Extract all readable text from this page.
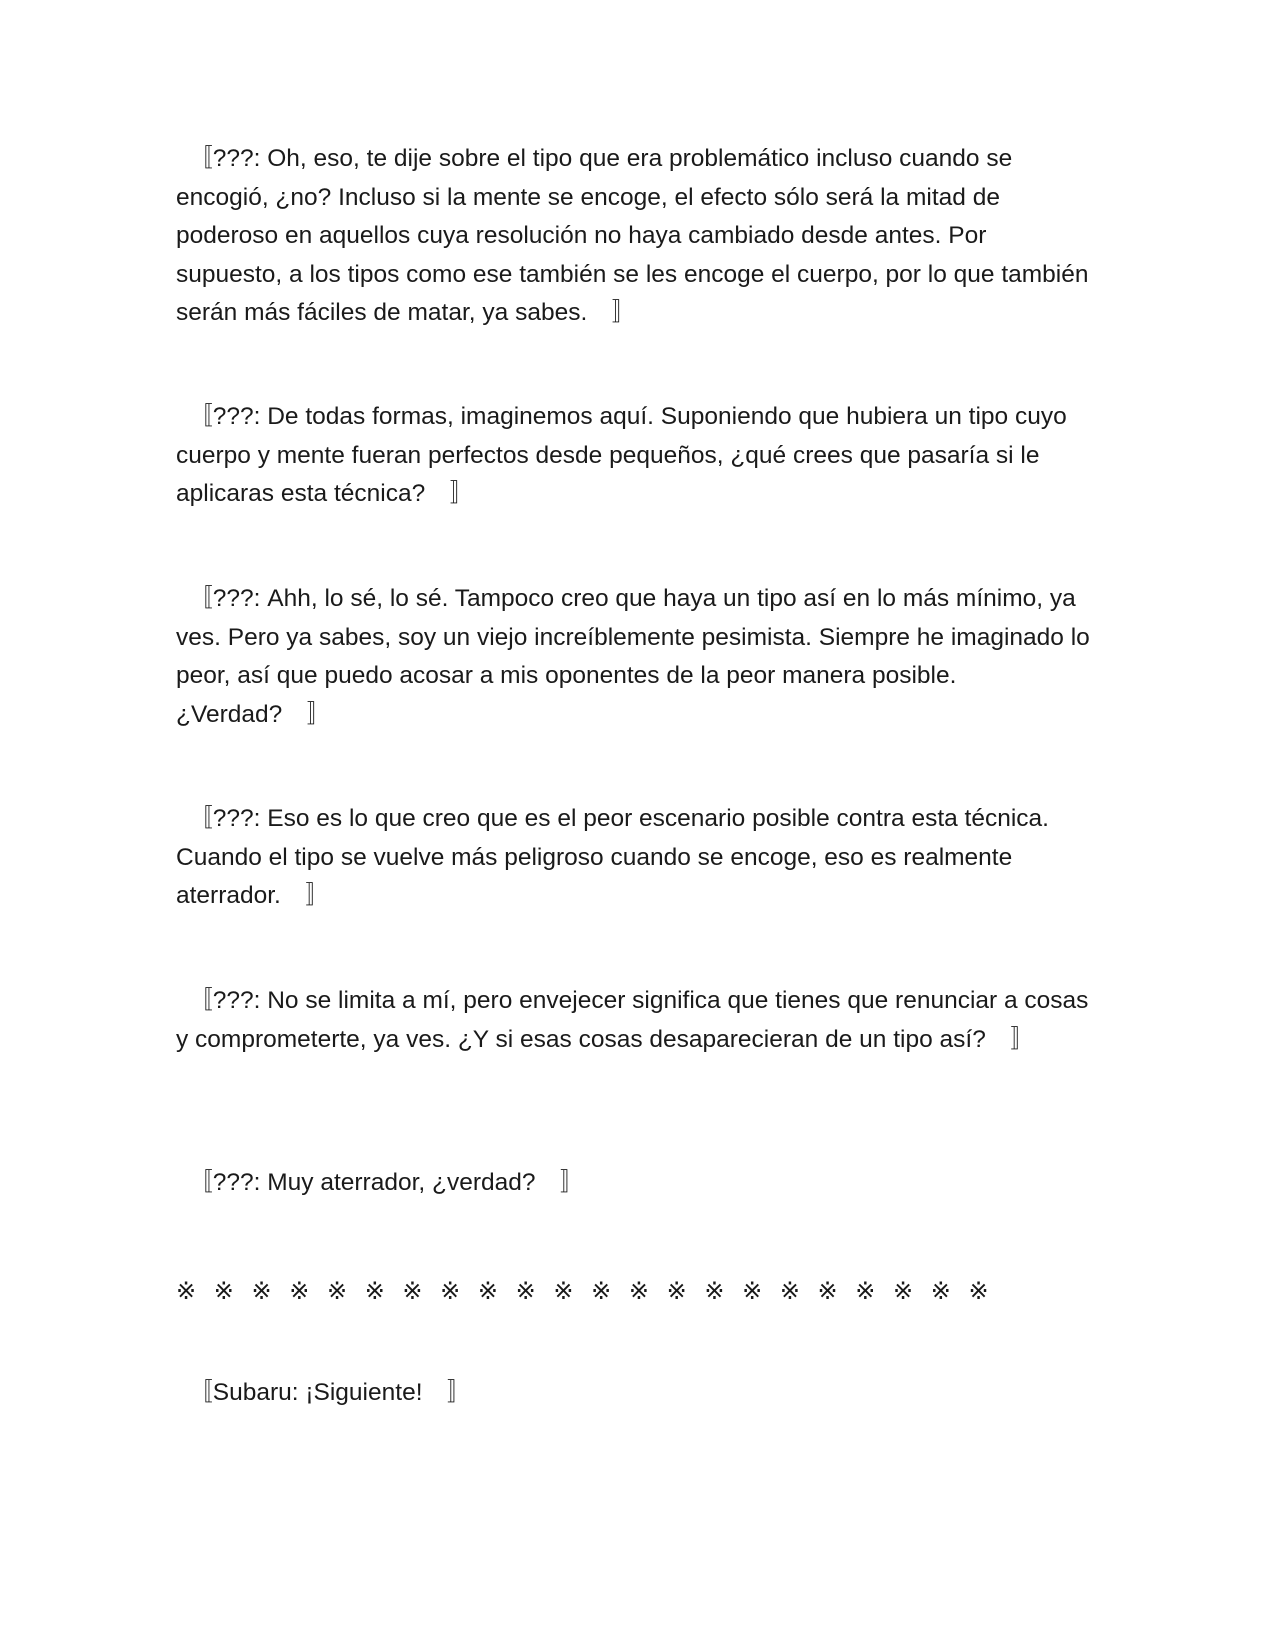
　〚???: Oh, eso, te dije sobre el tipo que era problemático incluso cuando se encogió, ¿no? Incluso si la mente se encoge, el efecto sólo será la mitad de poderoso en aquellos cuya resolución no haya cambiado desde antes. Por supuesto, a los tipos como ese también se les encoge el cuerpo, por lo que también serán más fáciles de matar, ya sabes.　〛

　〚???: De todas formas, imaginemos aquí. Suponiendo que hubiera un tipo cuyo cuerpo y mente fueran perfectos desde pequeños, ¿qué crees que pasaría si le aplicaras esta técnica?　〛

　〚???: Ahh, lo sé, lo sé. Tampoco creo que haya un tipo así en lo más mínimo, ya ves. Pero ya sabes, soy un viejo increíblemente pesimista. Siempre he imaginado lo peor, así que puedo acosar a mis oponentes de la peor manera posible. ¿Verdad?　〛

　〚???: Eso es lo que creo que es el peor escenario posible contra esta técnica. Cuando el tipo se vuelve más peligroso cuando se encoge, eso es realmente aterrador.　〛

　〚???: No se limita a mí, pero envejecer significa que tienes que renunciar a cosas y comprometerte, ya ves. ¿Y si esas cosas desaparecieran de un tipo así?　〛

　〚???: Muy aterrador, ¿verdad?　〛

※ ※ ※ ※ ※ ※ ※ ※ ※ ※ ※ ※ ※ ※ ※ ※ ※ ※ ※ ※ ※ ※

　〚Subaru: ¡Siguiente!　〛
